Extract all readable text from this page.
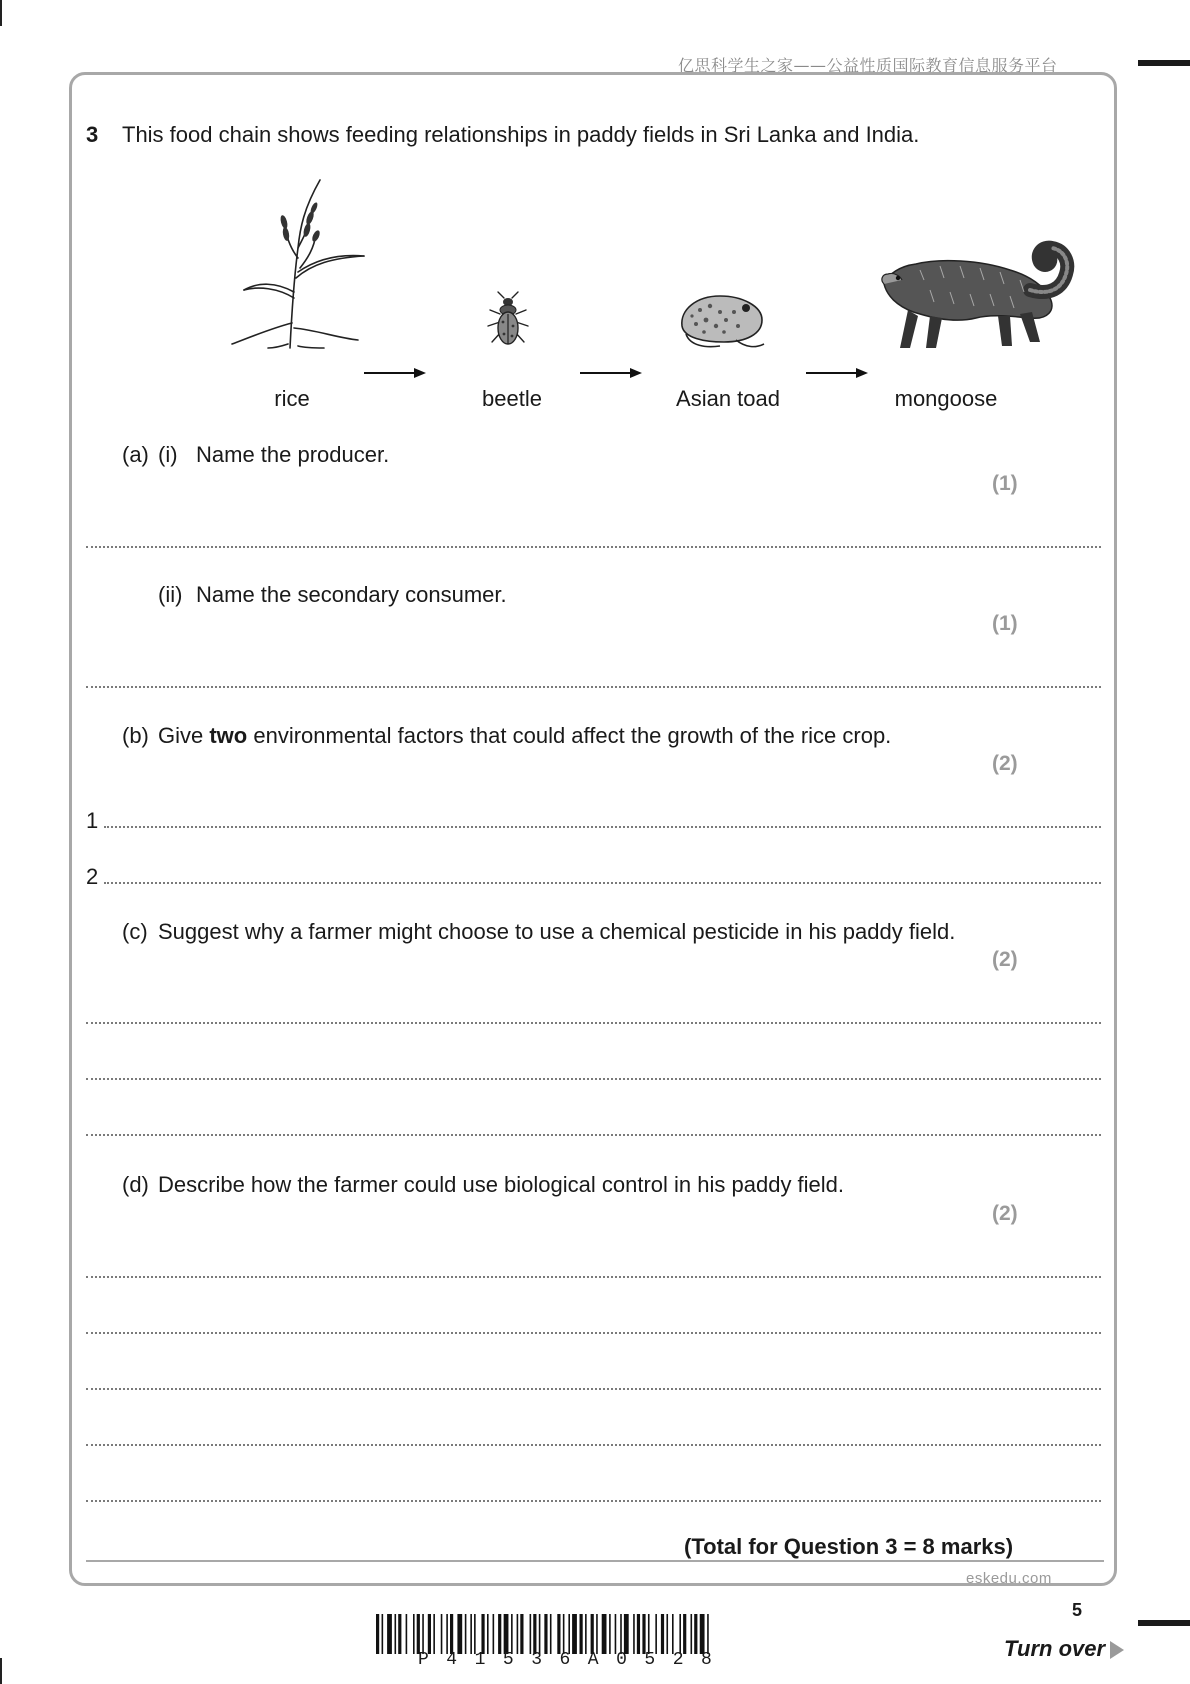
亿思科学生之家——公益性质国际教育信息服务平台
3 This food chain shows feeding relationships in paddy fields in Sri Lanka and India.
rice	beetle	Asian toad	mongoose
(a) (i) Name the producer.
(1)
(ii) Name the secondary consumer.
(1)
(b) Give two environmental factors that could affect the growth of the rice crop.
(2)
1
2
(c) Suggest why a farmer might choose to use a chemical pesticide in his paddy field.
(2)
(d) Describe how the farmer could use biological control in his paddy field.
(2)
(Total for Question 3 = 8 marks)
eskedu.com
P41536A0528
5
Turn over
